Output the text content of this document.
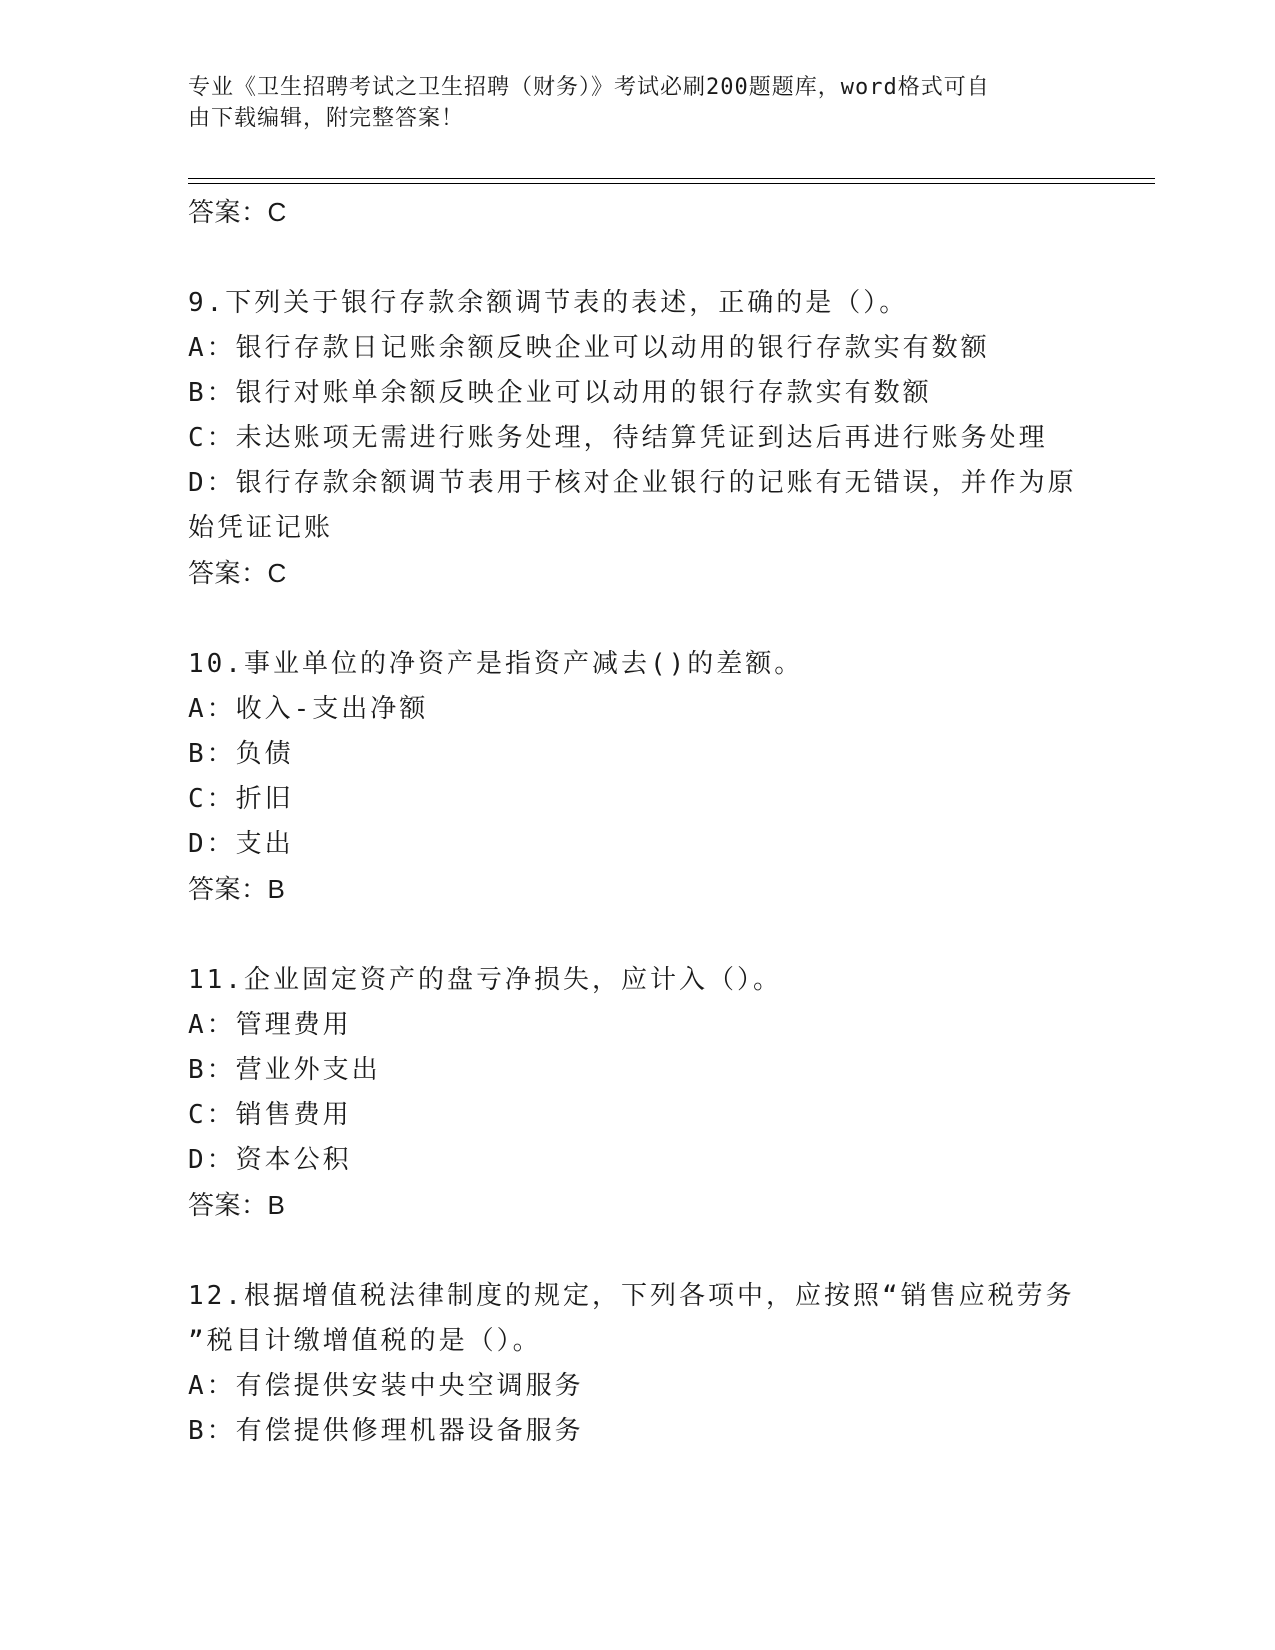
专业《卫生招聘考试之卫生招聘（财务）》考试必刷200题题库，word格式可自
由下载编辑，附完整答案！
答案：C
9.下列关于银行存款余额调节表的表述，正确的是（）。
A：银行存款日记账余额反映企业可以动用的银行存款实有数额
B：银行对账单余额反映企业可以动用的银行存款实有数额
C：未达账项无需进行账务处理，待结算凭证到达后再进行账务处理
D：银行存款余额调节表用于核对企业银行的记账有无错误，并作为原
始凭证记账
答案：C
10.事业单位的净资产是指资产减去()的差额。
A：收入-支出净额
B：负债
C：折旧
D：支出
答案：B
11.企业固定资产的盘亏净损失，应计入（）。
A：管理费用
B：营业外支出
C：销售费用
D：资本公积
答案：B
12.根据增值税法律制度的规定，下列各项中，应按照“销售应税劳务
”税目计缴增值税的是（）。
A：有偿提供安装中央空调服务
B：有偿提供修理机器设备服务
